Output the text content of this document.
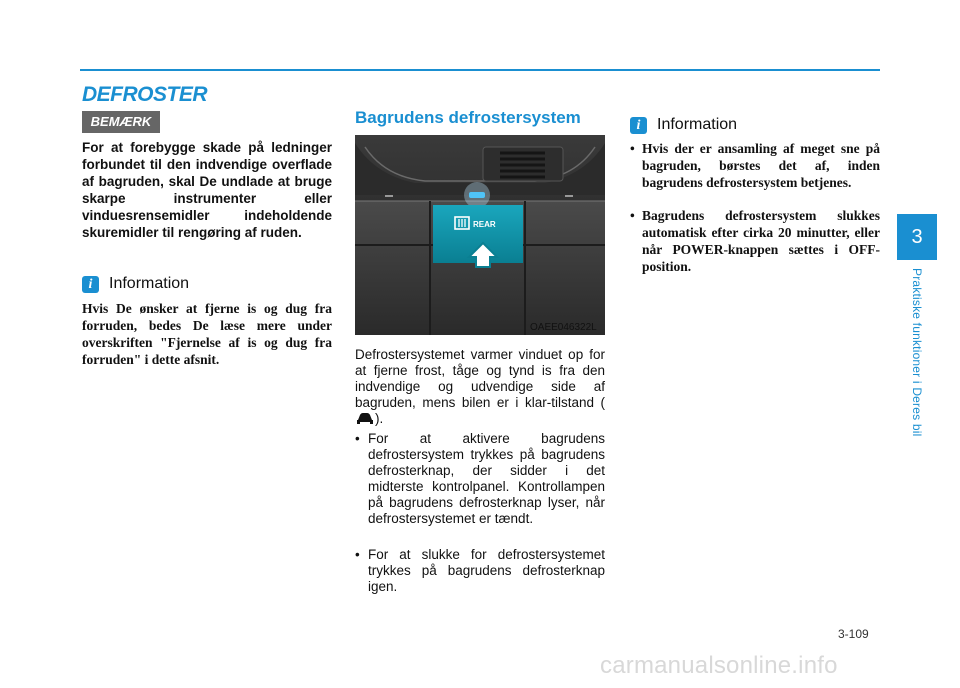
DEFROSTER
BEMÆRK

For at forebygge skade på ledninger forbundet til den indvendige overflade af bagruden, skal De undlade at bruge skarpe instrumenter eller vinduesrensemidler indeholdende skuremidler til rengøring af ruden.

i	Information

Hvis De ønsker at fjerne is og dug fra forruden, bedes De læse mere under overskriften "Fjernelse af is og dug fra forruden" i dette afsnit.

Bagrudens defrostersystem
REAR
OAEE046322L

Defrostersystemet varmer vinduet op for at fjerne frost, tåge og tynd is fra den indvendige og udvendige side af bagruden, mens bilen er i klar-tilstand ().

• For at aktivere bagrudens defrostersystem trykkes på bagrudens defrosterknap, der sidder i det midterste kontrolpanel. Kontrollampen på bagrudens defrosterknap lyser, når defrostersystemet er tændt.

• For at slukke for defrostersystemet trykkes på bagrudens defrosterknap igen.

i	Information

• Hvis der er ansamling af meget sne på bagruden, børstes det af, inden bagrudens defrostersystem betjenes.

• Bagrudens defrostersystem slukkes automatisk efter cirka 20 minutter, eller når POWER-knappen sættes i OFF-position.

3
Praktiske funktioner i Deres bil
3-109
carmanualsonline.info
